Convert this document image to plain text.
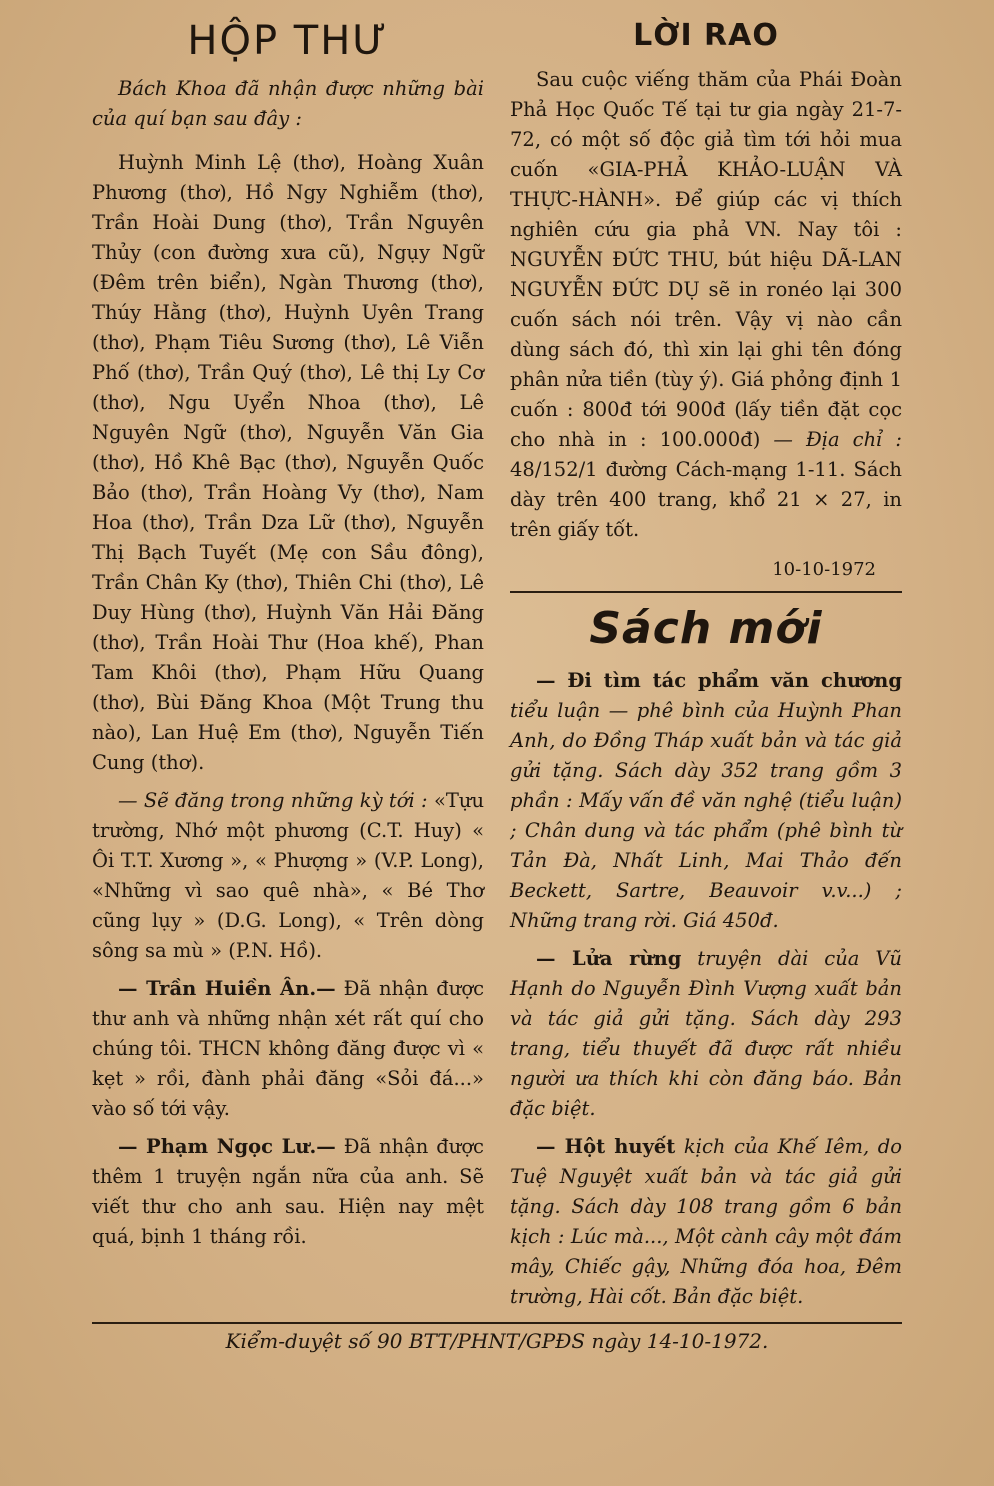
HỘP THƯ

Bách Khoa đã nhận được những bài của quí bạn sau đây :

Huỳnh Minh Lệ (thơ), Hoàng Xuân Phương (thơ), Hồ Ngy Nghiễm (thơ), Trần Hoài Dung (thơ), Trần Nguyên Thủy (con đường xưa cũ), Ngụy Ngữ (Đêm trên biển), Ngàn Thương (thơ), Thúy Hằng (thơ), Huỳnh Uyên Trang (thơ), Phạm Tiêu Sương (thơ), Lê Viễn Phố (thơ), Trần Quý (thơ), Lê thị Ly Cơ (thơ), Ngu Uyển Nhoa (thơ), Lê Nguyên Ngữ (thơ), Nguyễn Văn Gia (thơ), Hồ Khê Bạc (thơ), Nguyễn Quốc Bảo (thơ), Trần Hoàng Vy (thơ), Nam Hoa (thơ), Trần Dza Lữ (thơ), Nguyễn Thị Bạch Tuyết (Mẹ con Sầu đông), Trần Chân Ky (thơ), Thiên Chi (thơ), Lê Duy Hùng (thơ), Huỳnh Văn Hải Đăng (thơ), Trần Hoài Thư (Hoa khế), Phan Tam Khôi (thơ), Phạm Hữu Quang (thơ), Bùi Đăng Khoa (Một Trung thu nào), Lan Huệ Em (thơ), Nguyễn Tiến Cung (thơ).

— Sẽ đăng trong những kỳ tới : «Tựu trường, Nhớ một phương (C.T. Huy) « Ôi T.T. Xương », « Phượng » (V.P. Long), «Những vì sao quê nhà», « Bé Thơ cũng lụy » (D.G. Long), « Trên dòng sông sa mù » (P.N. Hồ).

— Trần Huiền Ân.— Đã nhận được thư anh và những nhận xét rất quí cho chúng tôi. THCN không đăng được vì « kẹt » rồi, đành phải đăng «Sỏi đá...» vào số tới vậy.

— Phạm Ngọc Lư.— Đã nhận được thêm 1 truyện ngắn nữa của anh. Sẽ viết thư cho anh sau. Hiện nay mệt quá, bịnh 1 tháng rồi.

LỜI RAO

Sau cuộc viếng thăm của Phái Đoàn Phả Học Quốc Tế tại tư gia ngày 21-7-72, có một số độc giả tìm tới hỏi mua cuốn «GIA-PHẢ KHẢO-LUẬN VÀ THỰC-HÀNH». Để giúp các vị thích nghiên cứu gia phả VN. Nay tôi : NGUYỄN ĐỨC THU, bút hiệu DÃ-LAN NGUYỄN ĐỨC DỤ sẽ in ronéo lại 300 cuốn sách nói trên. Vậy vị nào cần dùng sách đó, thì xin lại ghi tên đóng phân nửa tiền (tùy ý). Giá phỏng định 1 cuốn : 800đ tới 900đ (lấy tiền đặt cọc cho nhà in : 100.000đ) — Địa chỉ : 48/152/1 đường Cách-mạng 1-11. Sách dày trên 400 trang, khổ 21 × 27, in trên giấy tốt.

10-10-1972
Sách mới

— Đi tìm tác phẩm văn chương tiểu luận — phê bình của Huỳnh Phan Anh, do Đồng Tháp xuất bản và tác giả gửi tặng. Sách dày 352 trang gồm 3 phần : Mấy vấn đề văn nghệ (tiểu luận) ; Chân dung và tác phẩm (phê bình từ Tản Đà, Nhất Linh, Mai Thảo đến Beckett, Sartre, Beauvoir v.v...) ; Những trang rời. Giá 450đ.

— Lửa rừng truyện dài của Vũ Hạnh do Nguyễn Đình Vượng xuất bản và tác giả gửi tặng. Sách dày 293 trang, tiểu thuyết đã được rất nhiều người ưa thích khi còn đăng báo. Bản đặc biệt.

— Hột huyết kịch của Khế Iêm, do Tuệ Nguyệt xuất bản và tác giả gửi tặng. Sách dày 108 trang gồm 6 bản kịch : Lúc mà..., Một cành cây một đám mây, Chiếc gậy, Những đóa hoa, Đêm trường, Hài cốt. Bản đặc biệt.

Kiểm-duyệt số 90 BTT/PHNT/GPĐS ngày 14-10-1972.
